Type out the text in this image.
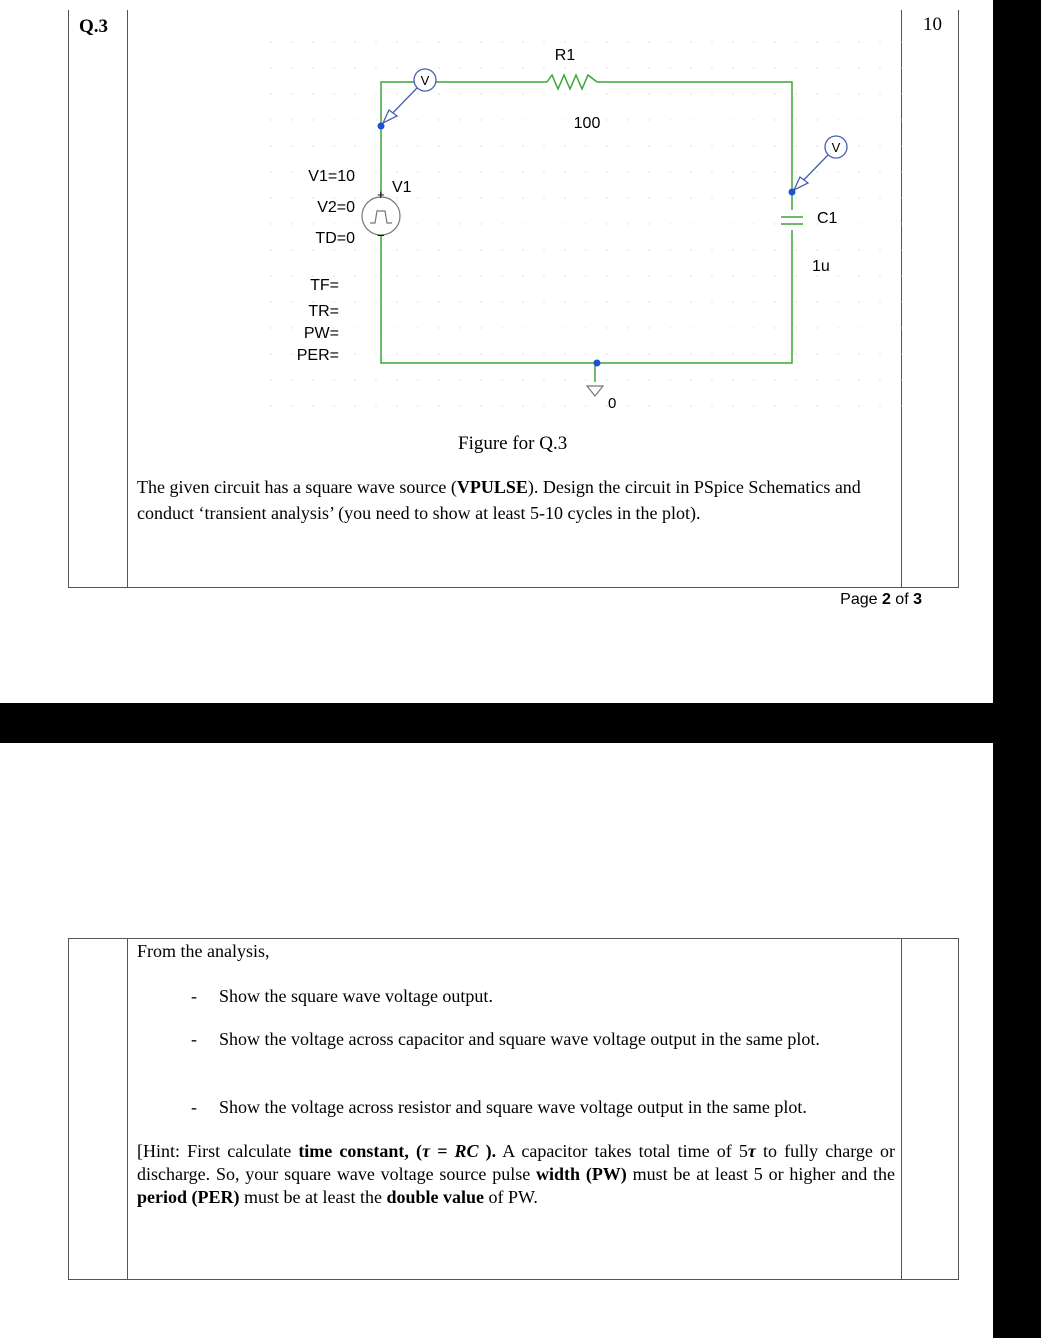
Q.3	10
R1
100
C1
1u
+
−
V1
V1=10
V2=0
TD=0
TF=
TR=
PW=
PER=
V
V
0
Figure for Q.3
The given circuit has a square wave source (VPULSE). Design the circuit in PSpice Schematics and conduct ‘transient analysis’ (you need to show at least 5-10 cycles in the plot).
Page 2 of 3
From the analysis,
- Show the square wave voltage output.
- Show the voltage across capacitor and square wave voltage output in the same plot.
- Show the voltage across resistor and square wave voltage output in the same plot.
[Hint: First calculate time constant, (τ = RC ). A capacitor takes total time of 5τ to fully charge or discharge. So, your square wave voltage source pulse width (PW) must be at least 5 or higher and the period (PER) must be at least the double value of PW.
